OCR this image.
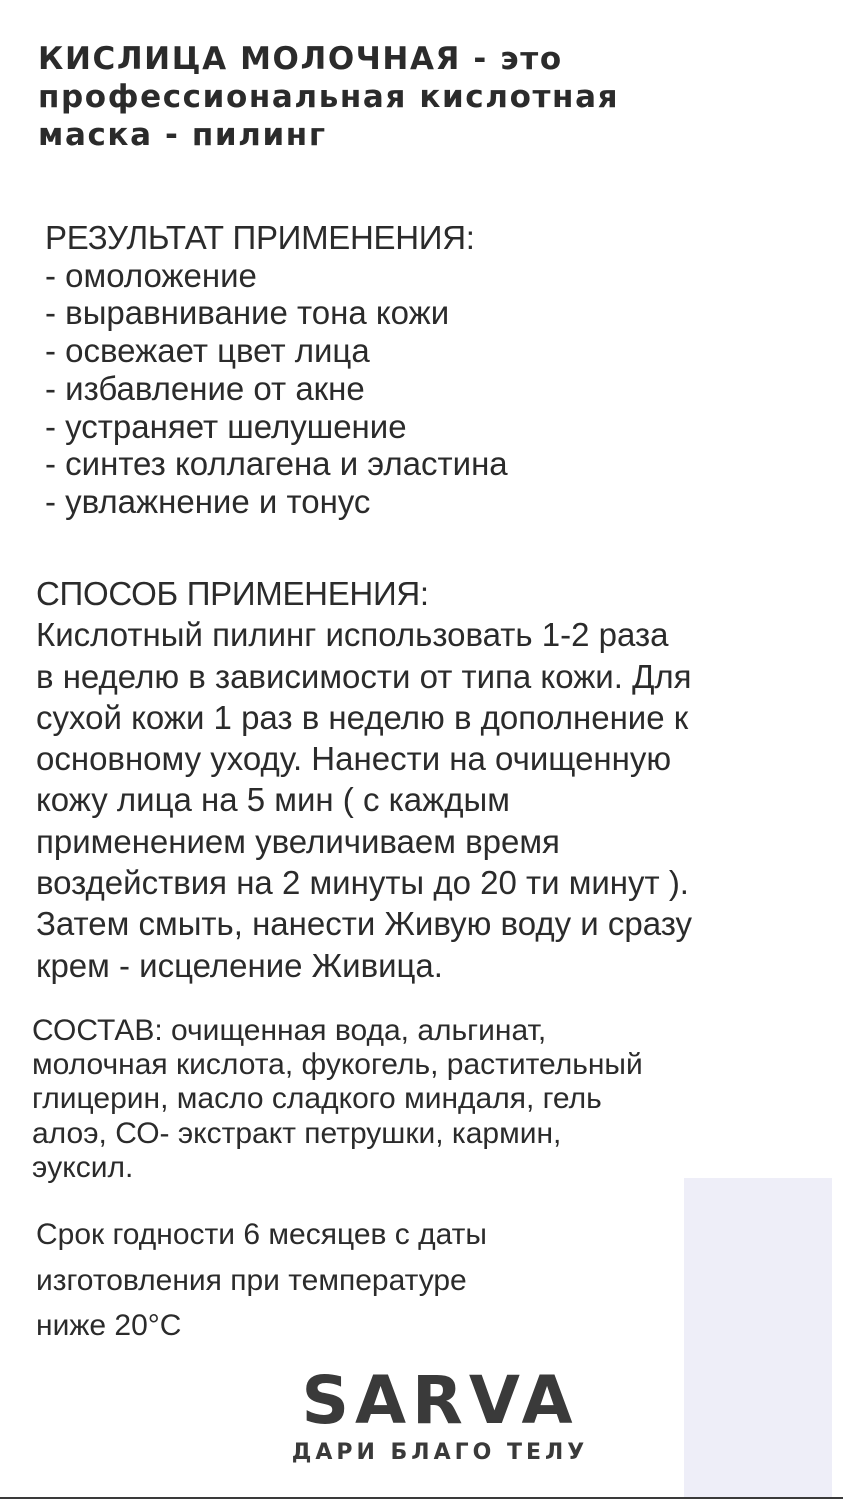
КИСЛИЦА МОЛОЧНАЯ - это
профессиональная кислотная
маска - пилинг

РЕЗУЛЬТАТ ПРИМЕНЕНИЯ:

- омоложение
- выравнивание тона кожи
- освежает цвет лица
- избавление от акне
- устраняет шелушение
- синтез коллагена и эластина
- увлажнение и тонус

СПОСОБ ПРИМЕНЕНИЯ:

Кислотный пилинг использовать 1-2 раза

в неделю в зависимости от типа кожи. Для

сухой кожи 1 раз в неделю в дополнение к

основному уходу. Нанести на очищенную

кожу лица на 5 мин ( с каждым

применением увеличиваем время

воздействия на 2 минуты до 20 ти минут ).

Затем смыть, нанести Живую воду и сразу

крем - исцеление Живица.

СОСТАВ: очищенная вода, альгинат,

молочная кислота, фукогель, растительный

глицерин, масло сладкого миндаля, гель

алоэ, СО- экстракт петрушки, кармин,

эуксил.

Срок годности 6 месяцев с даты

изготовления при температуре

ниже 20°С

SARVA
ДАРИ БЛАГО ТЕЛУ
